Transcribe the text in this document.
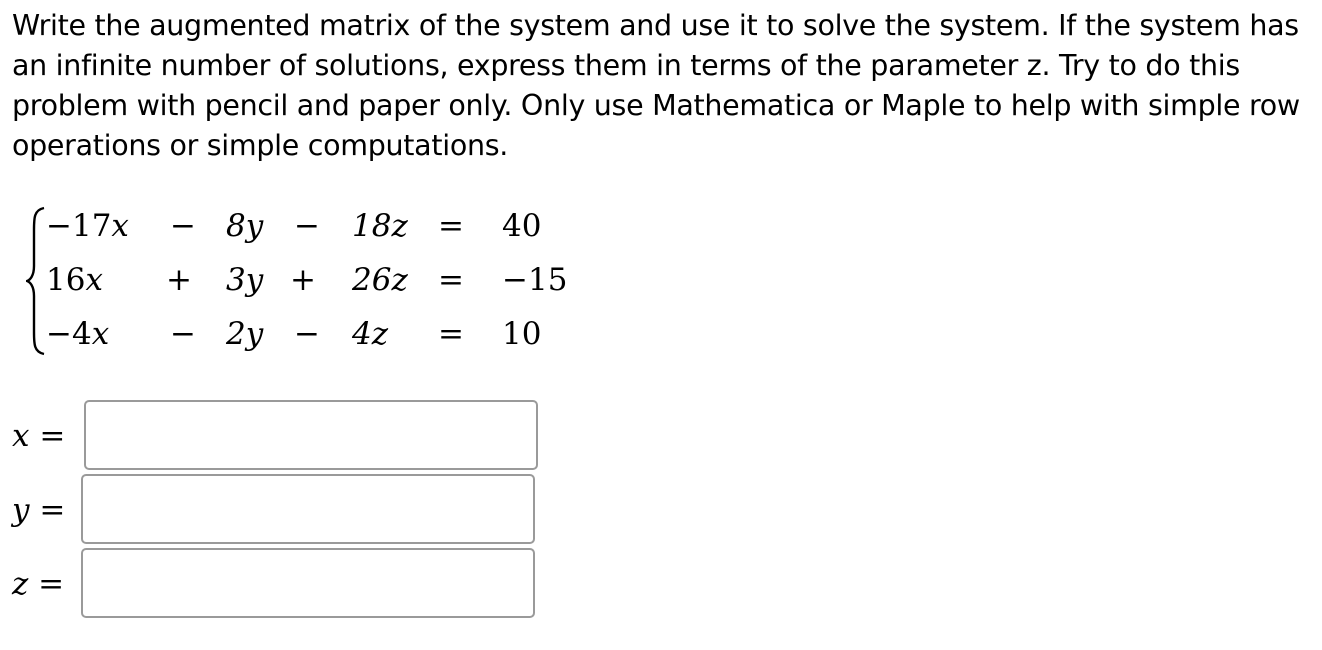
Write the augmented matrix of the system and use it to solve the system. If the system has an infinite number of solutions, express them in terms of the parameter z. Try to do this problem with pencil and paper only. Only use Mathematica or Maple to help with simple row operations or simple computations.
−17x − 8y − 18z = 40
16x + 3y + 26z = −15
−4x − 2y − 4z = 10
x =
y =
z =
